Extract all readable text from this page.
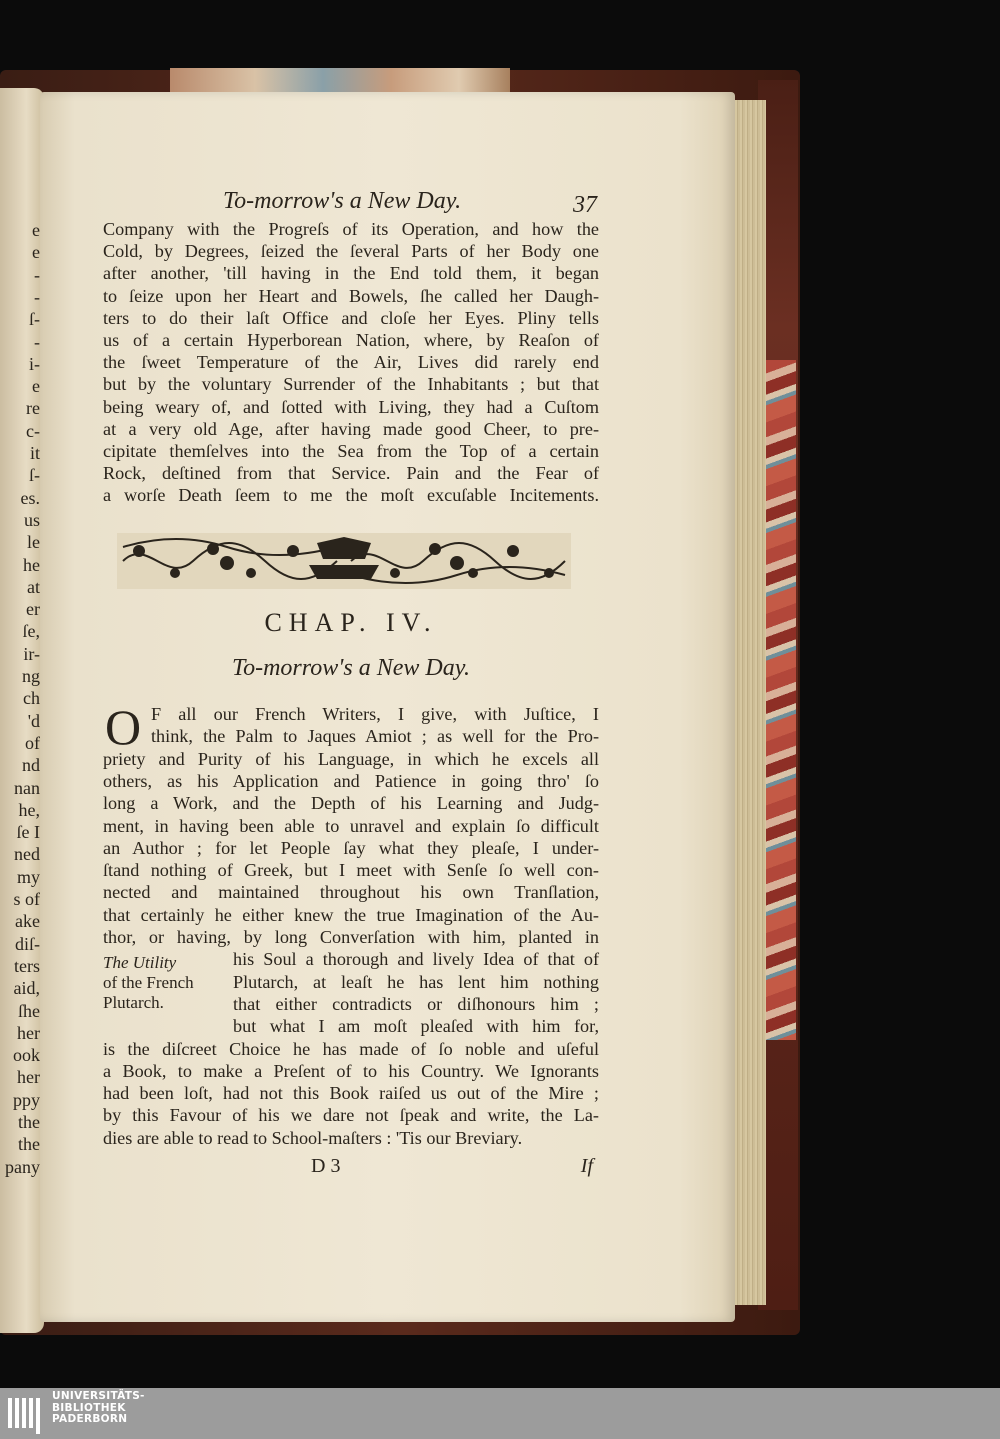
e
e
-
-
ſ-
-
i-
e
re
c-
it
ſ-
es.
us
le
he
at
er
ſe,
ir-
ng
ch
'd
of
nd
nan
he,
ſe I
ned
my
s of
ake
diſ-
ters
aid,
ſhe
her
ook
her
ppy
the
the
pany
To-morrow's a New Day.	37
Company with the Progreſs of its Operation, and how the
Cold, by Degrees, ſeized the ſeveral Parts of her Body one
after another, 'till having in the End told them, it began
to ſeize upon her Heart and Bowels, ſhe called her Daugh-
ters to do their laſt Office and cloſe her Eyes. Pliny tells
us of a certain Hyperborean Nation, where, by Reaſon of
the ſweet Temperature of the Air, Lives did rarely end
but by the voluntary Surrender of the Inhabitants ; but that
being weary of, and ſotted with Living, they had a Cuſtom
at a very old Age, after having made good Cheer, to pre-
cipitate themſelves into the Sea from the Top of a certain
Rock, deſtined from that Service. Pain and the Fear of
a worſe Death ſeem to me the moſt excuſable Incitements.
CHAP. IV.
To-morrow's a New Day.
O F all our French Writers, I give, with Juſtice, I
think, the Palm to Jaques Amiot ; as well for the Pro-
priety and Purity of his Language, in which he excels all
others, as his Application and Patience in going thro' ſo
long a Work, and the Depth of his Learning and Judg-
ment, in having been able to unravel and explain ſo difficult
an Author ; for let People ſay what they pleaſe, I under-
ſtand nothing of Greek, but I meet with Senſe ſo well con-
nected and maintained throughout his own Tranſlation,
that certainly he either knew the true Imagination of the Au-
thor, or having, by long Converſation with him, planted in
his Soul a thorough and lively Idea of that of
Plutarch, at leaſt he has lent him nothing
that either contradicts or diſhonours him ;
but what I am moſt pleaſed with him for,
is the diſcreet Choice he has made of ſo noble and uſeful
a Book, to make a Preſent of to his Country. We Ignorants
had been loſt, had not this Book raiſed us out of the Mire ;
by this Favour of his we dare not ſpeak and write, the La-
dies are able to read to School-maſters : 'Tis our Breviary.
The Utility
of the French
Plutarch.
D 3	If
UNIVERSITÄTS-
BIBLIOTHEK
PADERBORN
